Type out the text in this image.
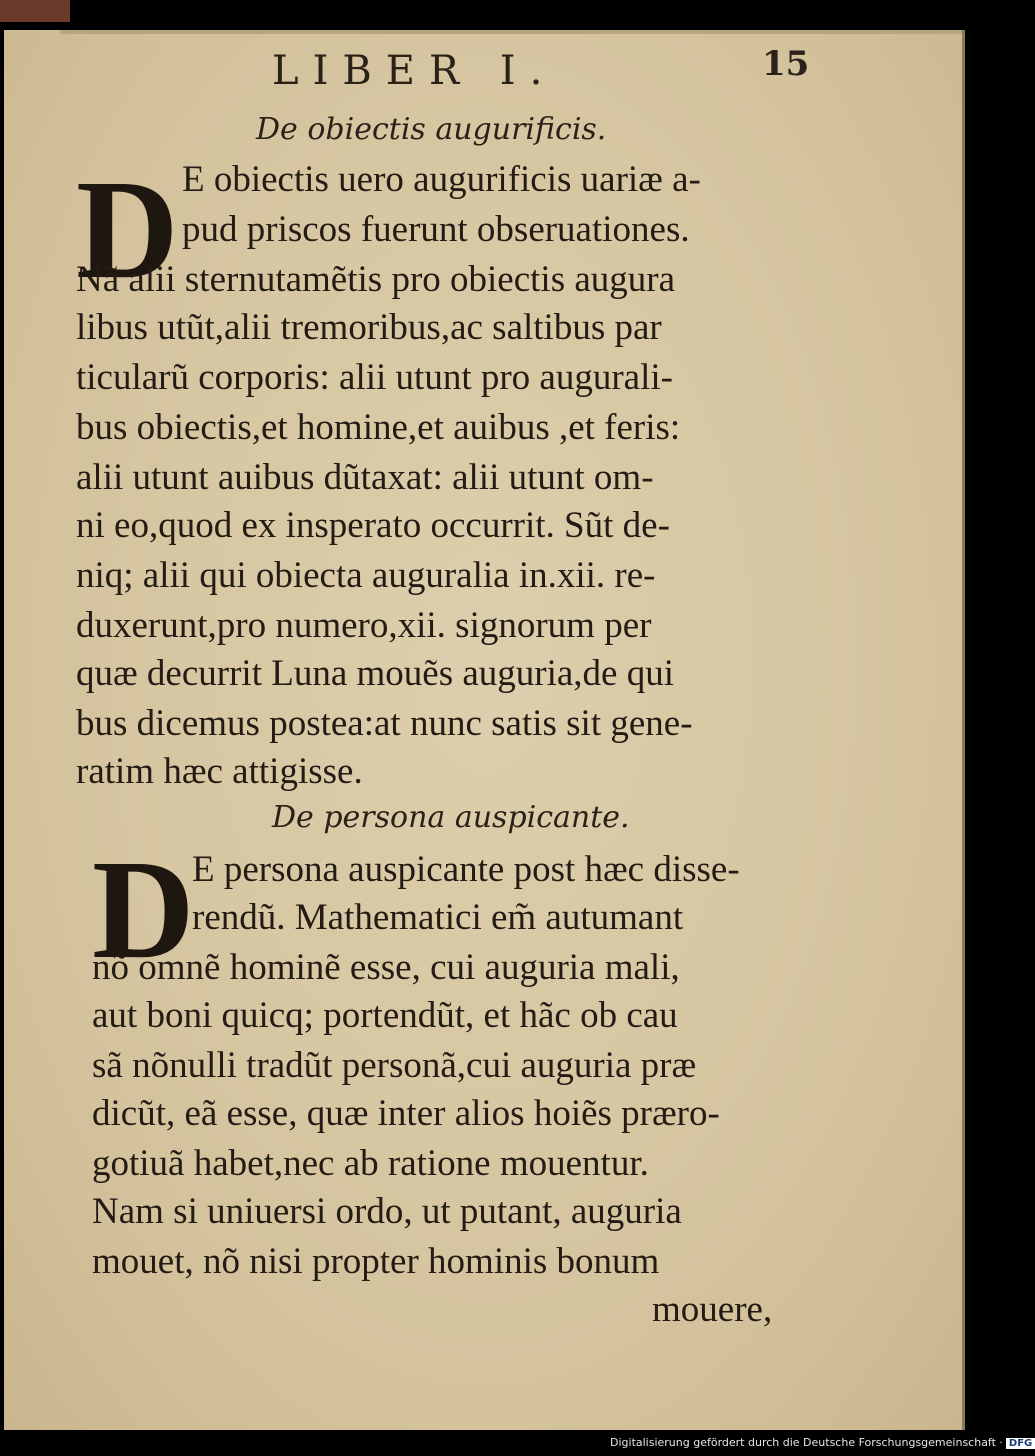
LIBER I.	15
De obiectis augurificis.
D E obiectis uero augurificis uariæ a-
pud priscos fuerunt obseruationes.
Nã alii sternutamẽtis pro obiectis augura
libus utũt,alii tremoribus,ac saltibus par
ticularũ corporis: alii utunt pro augurali-
bus obiectis,et homine,et auibus ,et feris:
alii utunt auibus dũtaxat: alii utunt om-
ni eo,quod ex insperato occurrit. Sũt de-
niq; alii qui obiecta auguralia in.xii. re-
duxerunt,pro numero,xii. signorum per
quæ decurrit Luna mouẽs auguria,de qui
bus dicemus postea:at nunc satis sit gene-
ratim hæc attigisse.
De persona auspicante.
D
E persona auspicante post hæc disse-
rendũ. Mathematici em̃ autumant
nõ omnẽ hominẽ esse, cui auguria mali,
aut boni quicq; portendũt, et hãc ob cau
sã nõnulli tradũt personã,cui auguria præ
dicũt, eã esse, quæ inter alios hoiẽs præro-
gotiuã habet,nec ab ratione mouentur.
Nam si uniuersi ordo, ut putant, auguria
mouet, nõ nisi propter hominis bonum
mouere,
Digitalisierung gefördert durch die Deutsche Forschungsgemeinschaft · DFG
